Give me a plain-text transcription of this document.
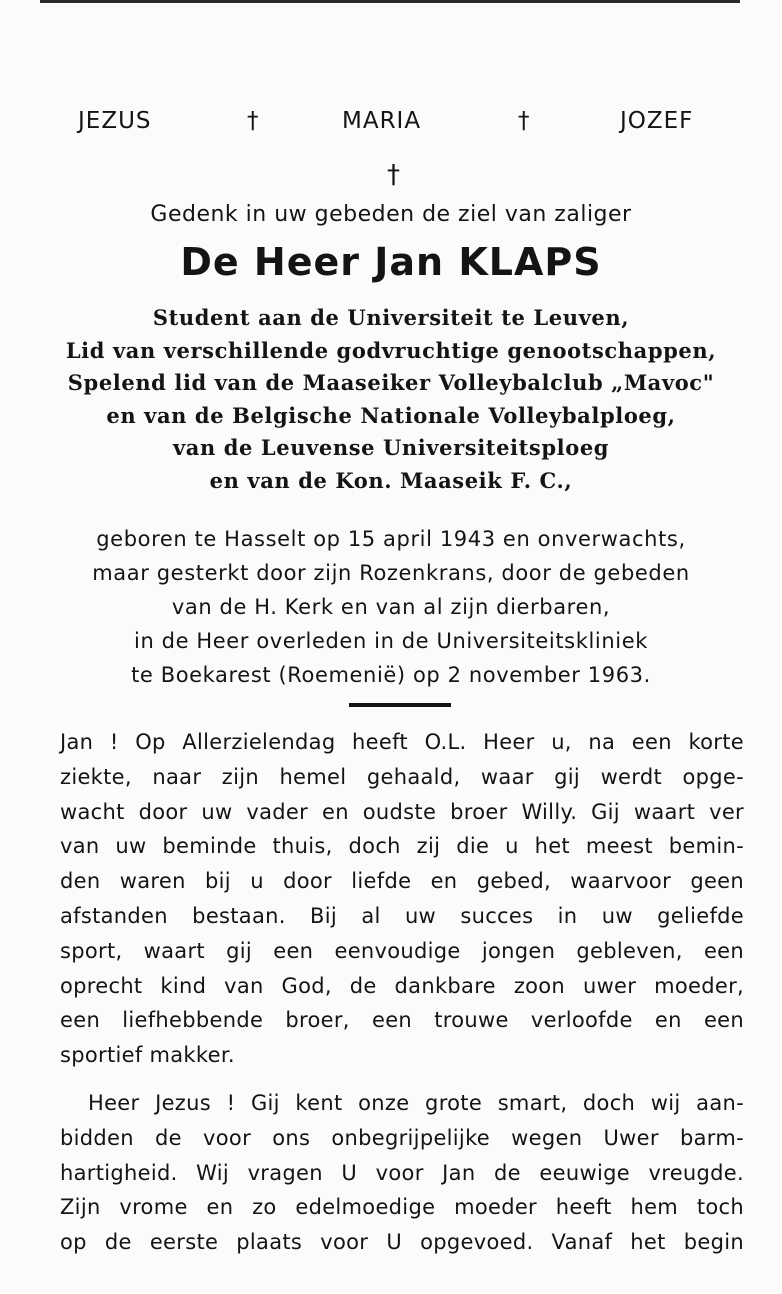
JEZUS	†	MARIA	†	JOZEF
†
Gedenk in uw gebeden de ziel van zaliger
De Heer Jan KLAPS
Student aan de Universiteit te Leuven,
Lid van verschillende godvruchtige genootschappen,
Spelend lid van de Maaseiker Volleybalclub „Mavoc"
en van de Belgische Nationale Volleybalploeg,
van de Leuvense Universiteitsploeg
en van de Kon. Maaseik F. C.,
geboren te Hasselt op 15 april 1943 en onverwachts,
maar gesterkt door zijn Rozenkrans, door de gebeden
van de H. Kerk en van al zijn dierbaren,
in de Heer overleden in de Universiteitskliniek
te Boekarest (Roemenië) op 2 november 1963.
Jan ! Op Allerzielendag heeft O.L. Heer u, na een korte
ziekte, naar zijn hemel gehaald, waar gij werdt opge-
wacht door uw vader en oudste broer Willy. Gij waart ver
van uw beminde thuis, doch zij die u het meest bemin-
den waren bij u door liefde en gebed, waarvoor geen
afstanden bestaan. Bij al uw succes in uw geliefde
sport, waart gij een eenvoudige jongen gebleven, een
oprecht kind van God, de dankbare zoon uwer moeder,
een liefhebbende broer, een trouwe verloofde en een
sportief makker.
Heer Jezus ! Gij kent onze grote smart, doch wij aan-
bidden de voor ons onbegrijpelijke wegen Uwer barm-
hartigheid. Wij vragen U voor Jan de eeuwige vreugde.
Zijn vrome en zo edelmoedige moeder heeft hem toch
op de eerste plaats voor U opgevoed. Vanaf het begin
